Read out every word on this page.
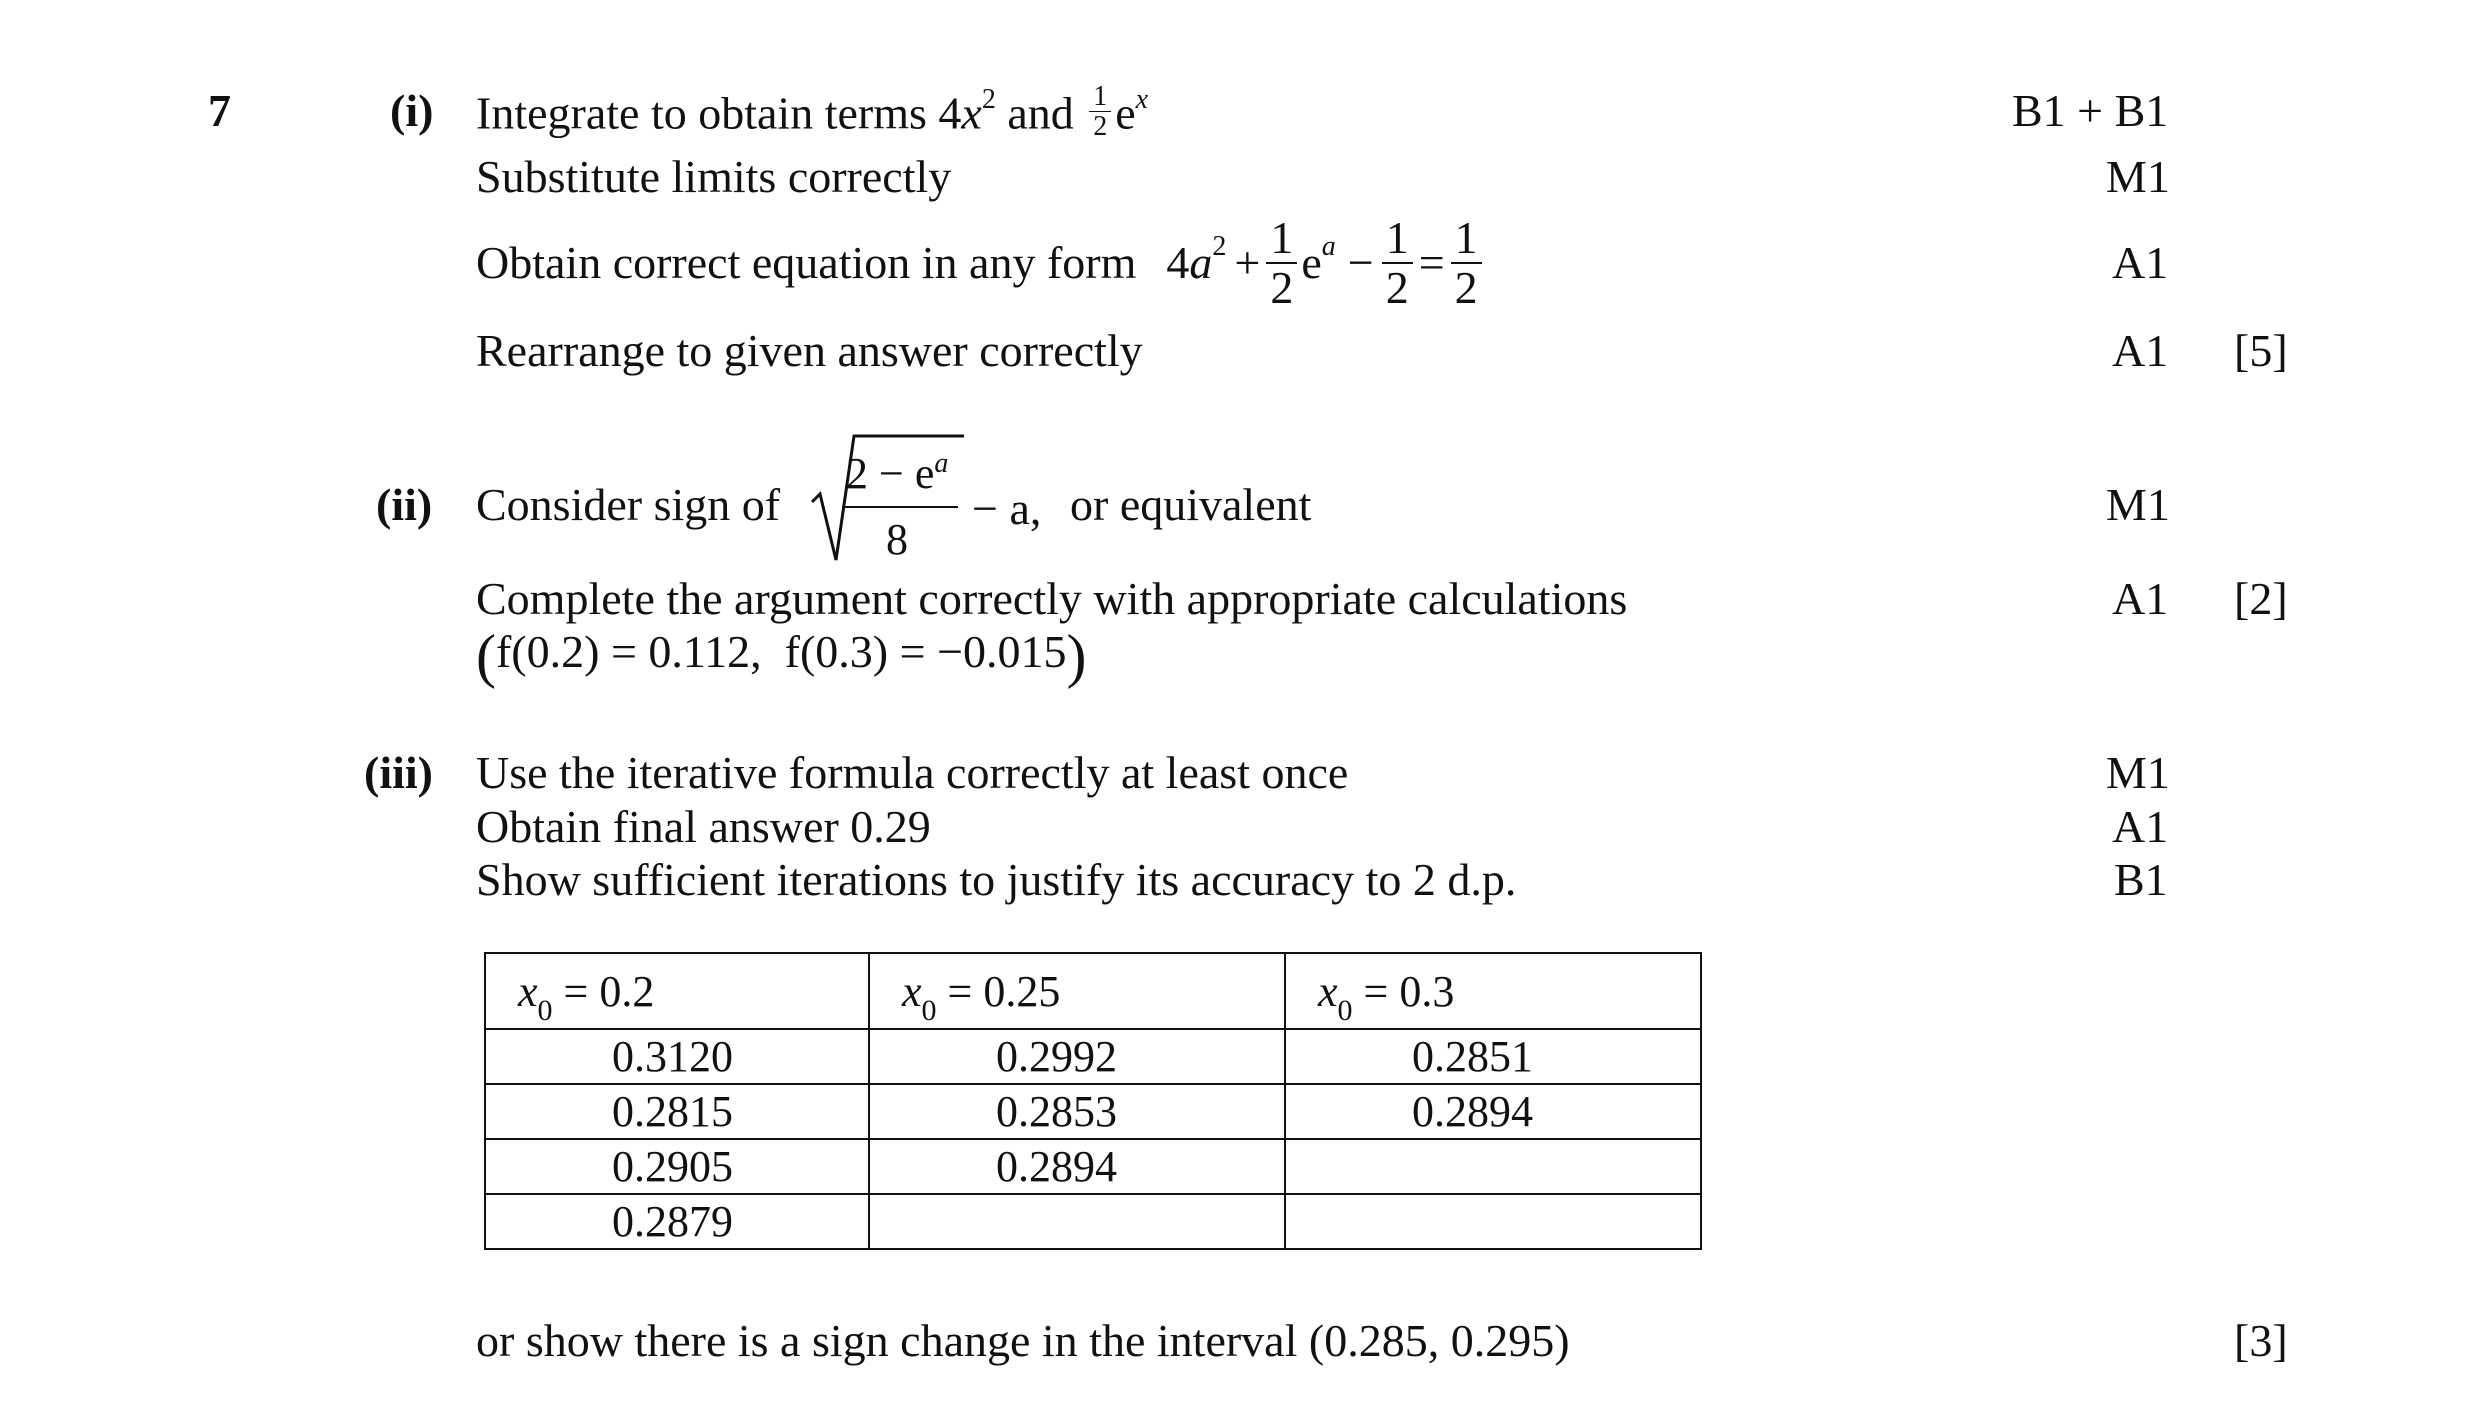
7	(i) Integrate to obtain terms $4x^2$ and $\frac{1}{2} e^x$	B1 + B1
Substitute limits correctly	M1
Obtain correct equation in any form 4 $a^2 + \frac{1}{2} e^a - \frac{1}{2} = \frac{1}{2}$	A1
Rearrange to given answer correctly	A1 [5]
(ii) Consider sign of
$2 - e^a$
8
− a, or equivalent	M1
Complete the argument correctly with appropriate calculations	A1 [2]
( f(0.2) = 0.112,  f(0.3) = −0.015 )
(iii) Use the iterative formula correctly at least once	M1
Obtain final answer 0.29	A1
Show sufficient iterations to justify its accuracy to 2 d.p.	B1
$x_0 = 0.2$	$x_0 = 0.25$	$x_0 = 0.3$
0.3120	0.2992	0.2851
0.2815	0.2853	0.2894
0.2905	0.2894	
0.2879		
or show there is a sign change in the interval (0.285, 0.295)	[3]
